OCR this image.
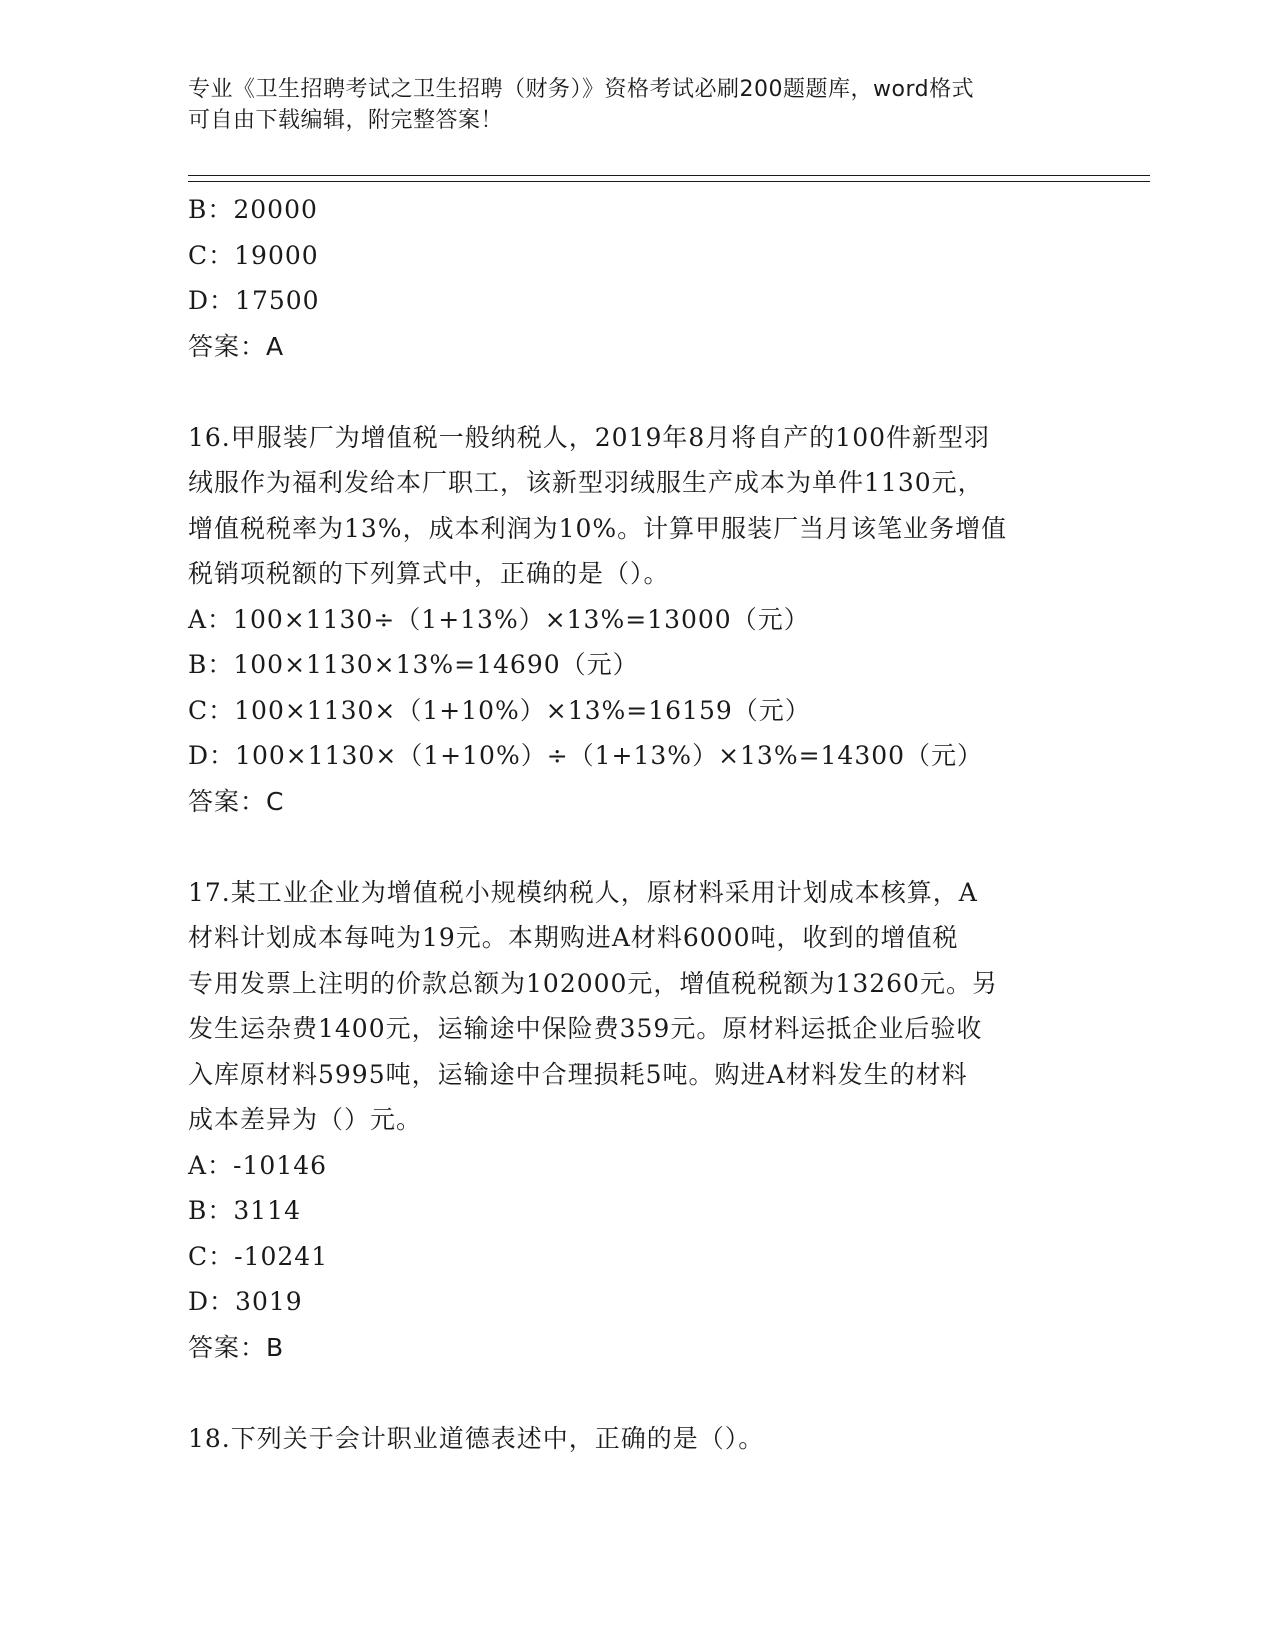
专业《卫生招聘考试之卫生招聘（财务）》资格考试必刷200题题库，word格式
可自由下载编辑，附完整答案！
B：20000
C：19000
D：17500
答案：A
16.甲服装厂为增值税一般纳税人，2019年8月将自产的100件新型羽
绒服作为福利发给本厂职工，该新型羽绒服生产成本为单件1130元，
增值税税率为13%，成本利润为10%。计算甲服装厂当月该笔业务增值
税销项税额的下列算式中，正确的是（）。
A：100×1130÷（1+13%）×13%=13000（元）
B：100×1130×13%=14690（元）
C：100×1130×（1+10%）×13%=16159（元）
D：100×1130×（1+10%）÷（1+13%）×13%=14300（元）
答案：C
17.某工业企业为增值税小规模纳税人，原材料采用计划成本核算，A
材料计划成本每吨为19元。本期购进A材料6000吨，收到的增值税
专用发票上注明的价款总额为102000元，增值税税额为13260元。另
发生运杂费1400元，运输途中保险费359元。原材料运抵企业后验收
入库原材料5995吨，运输途中合理损耗5吨。购进A材料发生的材料
成本差异为（）元。
A：-10146
B：3114
C：-10241
D：3019
答案：B
18.下列关于会计职业道德表述中，正确的是（）。
